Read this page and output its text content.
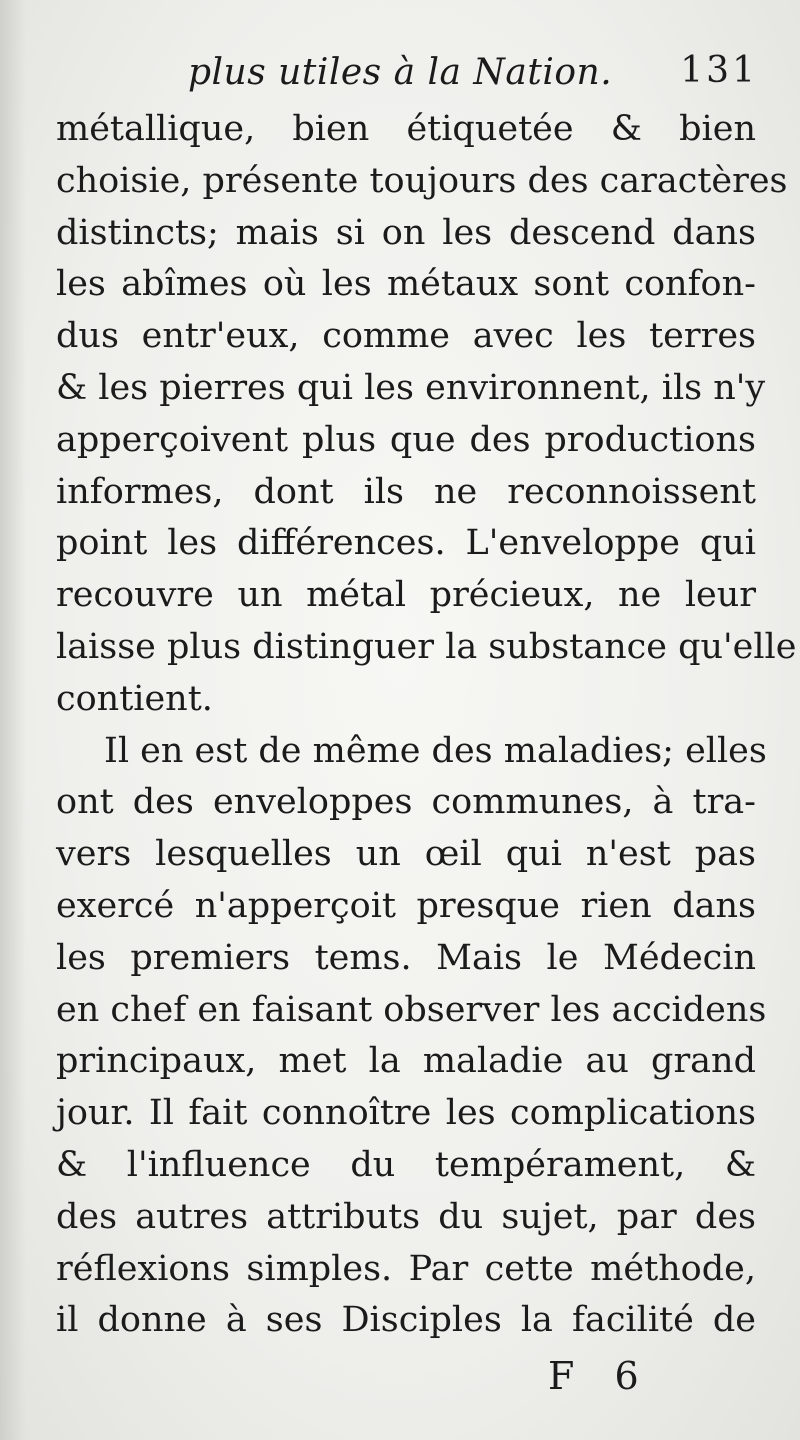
plus utiles à la Nation. 131
métallique, bien étiquetée & bien
choisie, présente toujours des caractères
distincts; mais si on les descend dans
les abîmes où les métaux sont confon-
dus entr'eux, comme avec les terres
& les pierres qui les environnent, ils n'y
apperçoivent plus que des productions
informes, dont ils ne reconnoissent
point les différences. L'enveloppe qui
recouvre un métal précieux, ne leur
laisse plus distinguer la substance qu'elle
contient.
Il en est de même des maladies; elles
ont des enveloppes communes, à tra-
vers lesquelles un œil qui n'est pas
exercé n'apperçoit presque rien dans
les premiers tems. Mais le Médecin
en chef en faisant observer les accidens
principaux, met la maladie au grand
jour. Il fait connoître les complications
& l'influence du tempérament, &
des autres attributs du sujet, par des
réflexions simples. Par cette méthode,
il donne à ses Disciples la facilité de
F 6
